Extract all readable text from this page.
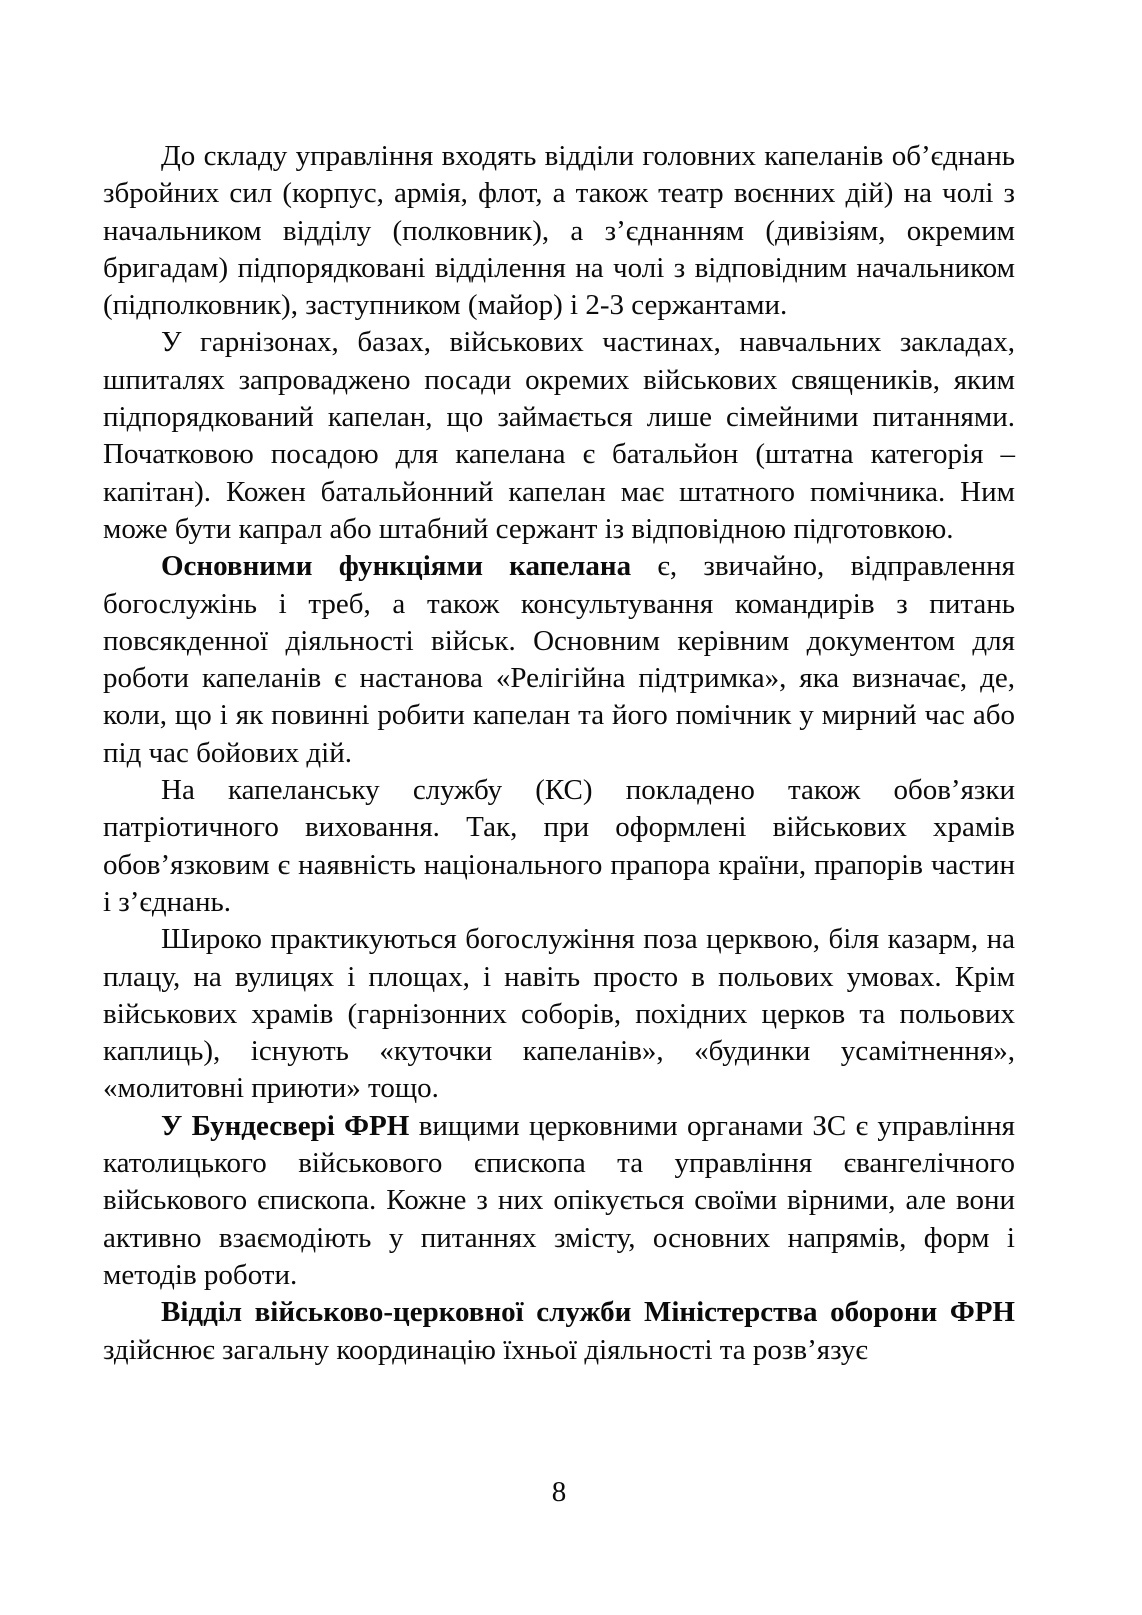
До складу управління входять відділи головних капеланів об’єднань збройних сил (корпус, армія, флот, а також театр воєнних дій) на чолі з начальником відділу (полковник), а з’єднанням (дивізіям, окремим бригадам) підпорядковані відділення на чолі з відповідним начальником (підполковник), заступником (майор) і 2-3 сержантами.

У гарнізонах, базах, військових частинах, навчальних закладах, шпиталях запроваджено посади окремих військових священиків, яким підпорядкований капелан, що займається лише сімейними питаннями. Початковою посадою для капелана є батальйон (штатна категорія – капітан). Кожен батальйонний капелан має штатного помічника. Ним може бути капрал або штабний сержант із відповідною підготовкою.

Основними функціями капелана є, звичайно, відправлення богослужінь і треб, а також консультування командирів з питань повсякденної діяльності військ. Основним керівним документом для роботи капеланів є настанова «Релігійна підтримка», яка визначає, де, коли, що і як повинні робити капелан та його помічник у мирний час або під час бойових дій.

На капеланську службу (КС) покладено також обов’язки патріотичного виховання. Так, при оформлені військових храмів обов’язковим є наявність національного прапора країни, прапорів частин і з’єднань.

Широко практикуються богослужіння поза церквою, біля казарм, на плацу, на вулицях і площах, і навіть просто в польових умовах. Крім військових храмів (гарнізонних соборів, похідних церков та польових каплиць), існують «куточки капеланів», «будинки усамітнення», «молитовні приюти» тощо.

У Бундесвері ФРН вищими церковними органами ЗС є управління католицького військового єпископа та управління євангелічного військового єпископа. Кожне з них опікується своїми вірними, але вони активно взаємодіють у питаннях змісту, основних напрямів, форм і методів роботи.

Відділ військово-церковної служби Міністерства оборони ФРН здійснює загальну координацію їхньої діяльності та розв’язує

8
